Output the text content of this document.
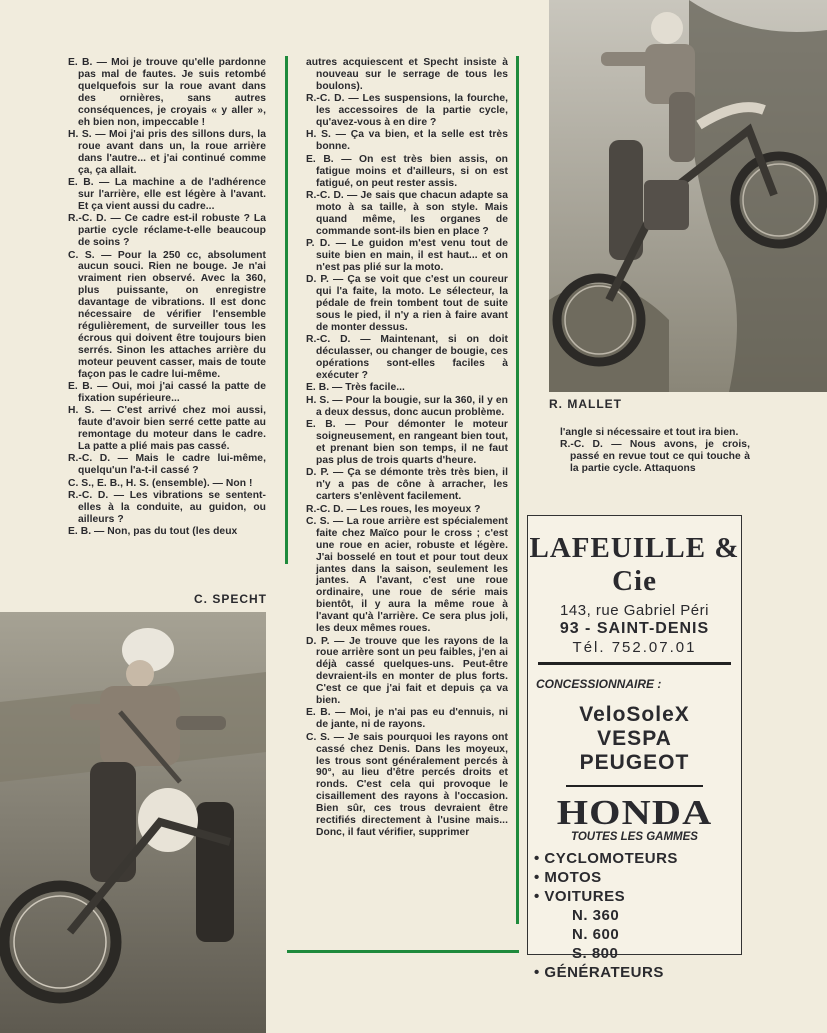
E. B. — Moi je trouve qu'elle pardonne pas mal de fautes. Je suis retombé quelquefois sur la roue avant dans des ornières, sans autres conséquences, je croyais « y aller », eh bien non, impeccable !

H. S. — Moi j'ai pris des sillons durs, la roue avant dans un, la roue arrière dans l'autre... et j'ai continué comme ça, ça allait.

E. B. — La machine a de l'adhérence sur l'arrière, elle est légère à l'avant. Et ça vient aussi du cadre...

R.-C. D. — Ce cadre est-il robuste ? La partie cycle réclame-t-elle beaucoup de soins ?

C. S. — Pour la 250 cc, absolument aucun souci. Rien ne bouge. Je n'ai vraiment rien observé. Avec la 360, plus puissante, on enregistre davantage de vibrations. Il est donc nécessaire de vérifier l'ensemble régulièrement, de surveiller tous les écrous qui doivent être toujours bien serrés. Sinon les attaches arrière du moteur peuvent casser, mais de toute façon pas le cadre lui-même.

E. B. — Oui, moi j'ai cassé la patte de fixation supérieure...

H. S. — C'est arrivé chez moi aussi, faute d'avoir bien serré cette patte au remontage du moteur dans le cadre. La patte a plié mais pas cassé.

R.-C. D. — Mais le cadre lui-même, quelqu'un l'a-t-il cassé ?

C. S., E. B., H. S. (ensemble). — Non !

R.-C. D. — Les vibrations se sentent-elles à la conduite, au guidon, ou ailleurs ?

E. B. — Non, pas du tout (les deux

autres acquiescent et Specht insiste à nouveau sur le serrage de tous les boulons).

R.-C. D. — Les suspensions, la fourche, les accessoires de la partie cycle, qu'avez-vous à en dire ?

H. S. — Ça va bien, et la selle est très bonne.

E. B. — On est très bien assis, on fatigue moins et d'ailleurs, si on est fatigué, on peut rester assis.

R.-C. D. — Je sais que chacun adapte sa moto à sa taille, à son style. Mais quand même, les organes de commande sont-ils bien en place ?

P. D. — Le guidon m'est venu tout de suite bien en main, il est haut... et on n'est pas plié sur la moto.

D. P. — Ça se voit que c'est un coureur qui l'a faite, la moto. Le sélecteur, la pédale de frein tombent tout de suite sous le pied, il n'y a rien à faire avant de monter dessus.

R.-C. D. — Maintenant, si on doit déculasser, ou changer de bougie, ces opérations sont-elles faciles à exécuter ?

E. B. — Très facile...

H. S. — Pour la bougie, sur la 360, il y en a deux dessus, donc aucun problème.

E. B. — Pour démonter le moteur soigneusement, en rangeant bien tout, et prenant bien son temps, il ne faut pas plus de trois quarts d'heure.

D. P. — Ça se démonte très très bien, il n'y a pas de cône à arracher, les carters s'enlèvent facilement.

R.-C. D. — Les roues, les moyeux ?

C. S. — La roue arrière est spécialement faite chez Maïco pour le cross ; c'est une roue en acier, robuste et légère. J'ai bosselé en tout et pour tout deux jantes dans la saison, seulement les jantes. A l'avant, c'est une roue ordinaire, une roue de série mais bientôt, il y aura la même roue à l'avant qu'à l'arrière. Ce sera plus joli, les deux mêmes roues.

D. P. — Je trouve que les rayons de la roue arrière sont un peu faibles, j'en ai déjà cassé quelques-uns. Peut-être devraient-ils en monter de plus forts. C'est ce que j'ai fait et depuis ça va bien.

E. B. — Moi, je n'ai pas eu d'ennuis, ni de jante, ni de rayons.

C. S. — Je sais pourquoi les rayons ont cassé chez Denis. Dans les moyeux, les trous sont généralement percés à 90°, au lieu d'être percés droits et ronds. C'est cela qui provoque le cisaillement des rayons à l'occasion. Bien sûr, ces trous devraient être rectifiés directement à l'usine mais... Donc, il faut vérifier, supprimer

R. MALLET

l'angle si nécessaire et tout ira bien.

R.-C. D. — Nous avons, je crois, passé en revue tout ce qui touche à la partie cycle. Attaquons

C. SPECHT
LAFEUILLE & Cie
143, rue Gabriel Péri
93 - SAINT-DENIS
Tél. 752.07.01
CONCESSIONNAIRE :
VeloSoleX
VESPA
PEUGEOT
HONDA
TOUTES LES GAMMES
• CYCLOMOTEURS
• MOTOS
• VOITURES
N. 360
N. 600
S. 800
• GÉNÉRATEURS
